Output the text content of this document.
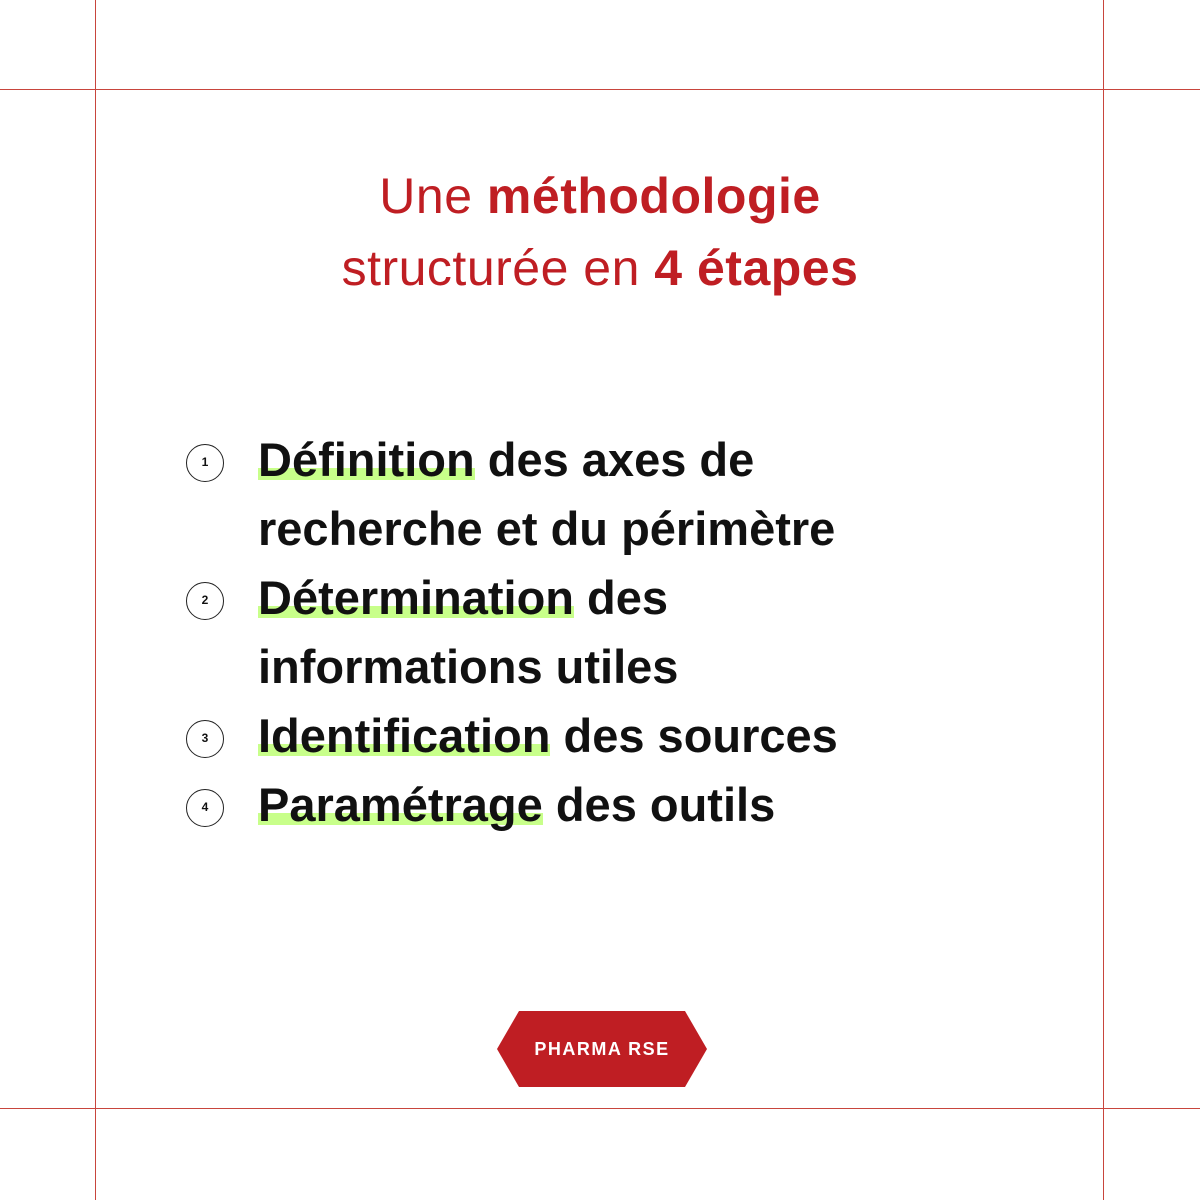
Une méthodologie
structurée en 4 étapes
1	Définition des axes de
recherche et du périmètre
2	Détermination des
informations utiles
3	Identification des sources
4	Paramétrage des outils
PHARMA RSE
